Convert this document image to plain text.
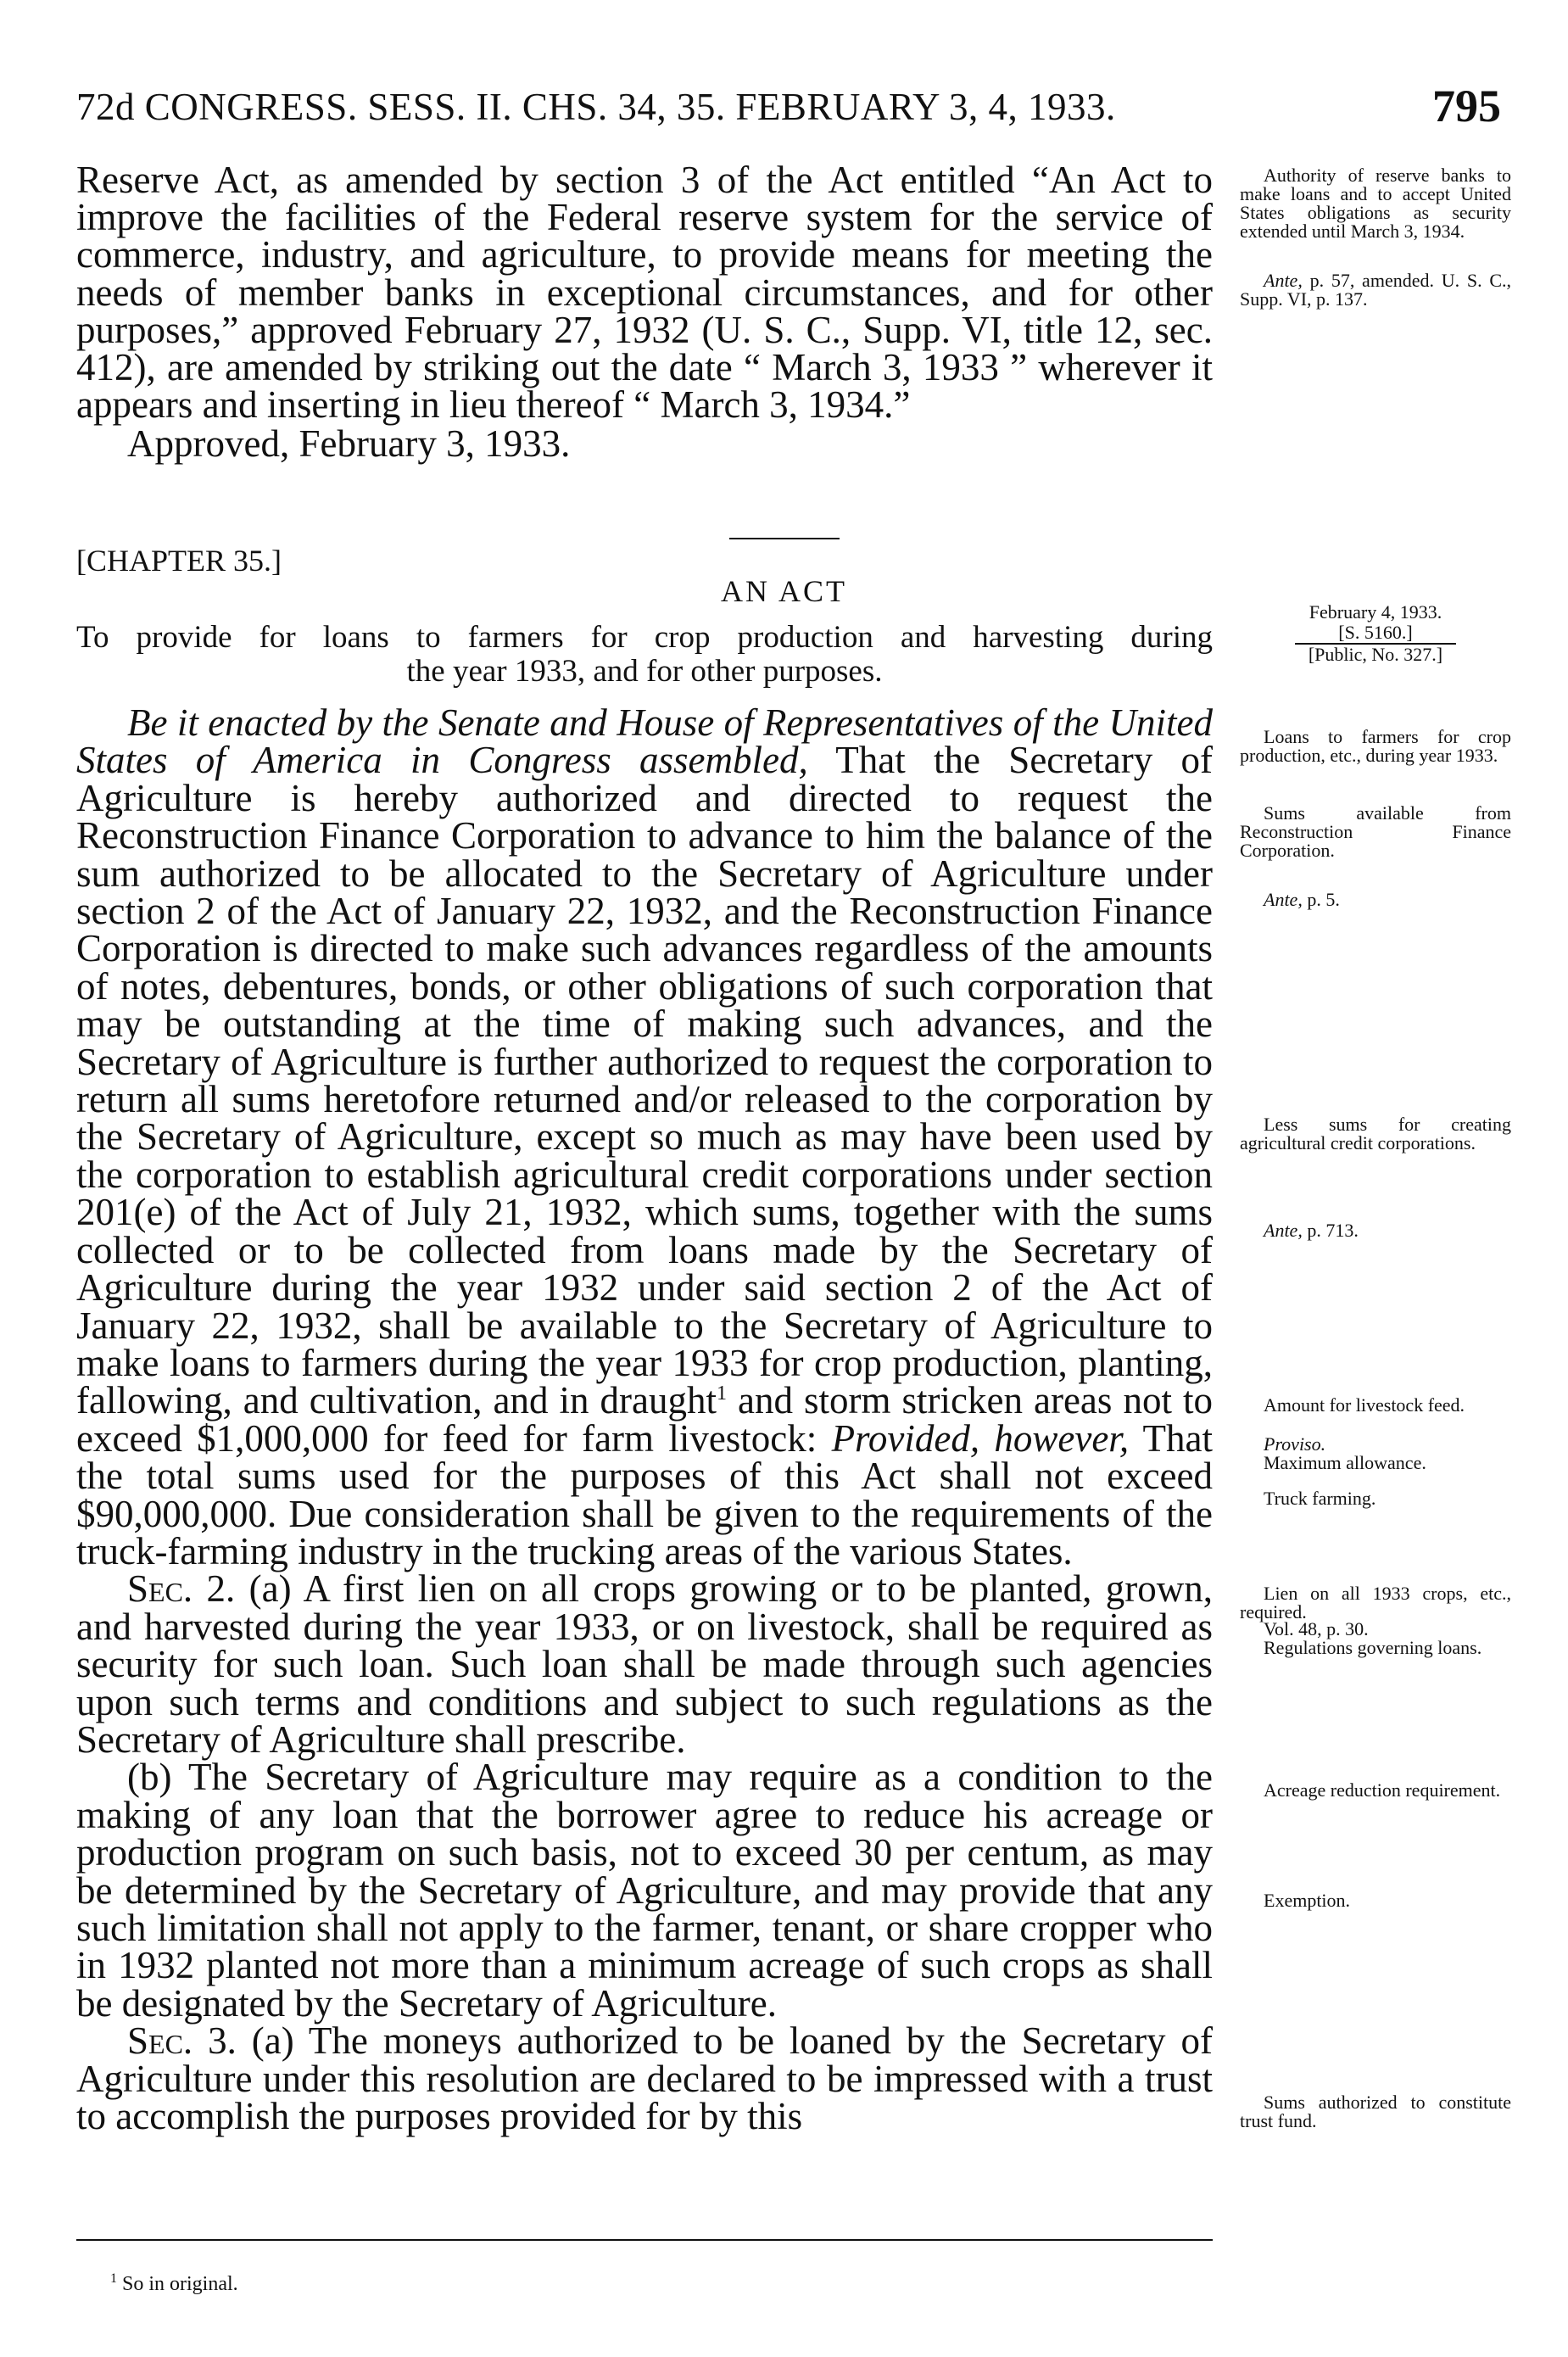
72d CONGRESS. SESS. II. CHS. 34, 35. FEBRUARY 3, 4, 1933.	795

Reserve Act, as amended by section 3 of the Act entitled “An Act to improve the facilities of the Federal reserve system for the service of commerce, industry, and agriculture, to provide means for meeting the needs of member banks in exceptional circumstances, and for other purposes,” approved February 27, 1932 (U. S. C., Supp. VI, title 12, sec. 412), are amended by striking out the date “ March 3, 1933 ” wherever it appears and inserting in lieu thereof “ March 3, 1934.”

Approved, February 3, 1933.

[CHAPTER 35.]
AN ACT

To provide for loans to farmers for crop production and harvesting during

the year 1933, and for other purposes.

February 4, 1933.
[S. 5160.]
[Public, No. 327.]

Be it enacted by the Senate and House of Representatives of the United States of America in Congress assembled, That the Secretary of Agriculture is hereby authorized and directed to request the Reconstruction Finance Corporation to advance to him the balance of the sum authorized to be allocated to the Secretary of Agriculture under section 2 of the Act of January 22, 1932, and the Reconstruction Finance Corporation is directed to make such advances regardless of the amounts of notes, debentures, bonds, or other obligations of such corporation that may be outstanding at the time of making such advances, and the Secretary of Agriculture is further authorized to request the corporation to return all sums heretofore returned and/or released to the corporation by the Secretary of Agriculture, except so much as may have been used by the corporation to establish agricultural credit corporations under section 201(e) of the Act of July 21, 1932, which sums, together with the sums collected or to be collected from loans made by the Secretary of Agriculture during the year 1932 under said section 2 of the Act of January 22, 1932, shall be available to the Secretary of Agriculture to make loans to farmers during the year 1933 for crop production, planting, fallowing, and cultivation, and in draught$^1$ and storm stricken areas not to exceed $1,000,000 for feed for farm livestock: Provided, however, That the total sums used for the purposes of this Act shall not exceed $90,000,000. Due consideration shall be given to the requirements of the truck-farming industry in the trucking areas of the various States.

Sec. 2. (a) A first lien on all crops growing or to be planted, grown, and harvested during the year 1933, or on livestock, shall be required as security for such loan. Such loan shall be made through such agencies upon such terms and conditions and subject to such regulations as the Secretary of Agriculture shall prescribe.

(b) The Secretary of Agriculture may require as a condition to the making of any loan that the borrower agree to reduce his acreage or production program on such basis, not to exceed 30 per centum, as may be determined by the Secretary of Agriculture, and may provide that any such limitation shall not apply to the farmer, tenant, or share cropper who in 1932 planted not more than a minimum acreage of such crops as shall be designated by the Secretary of Agriculture.

Sec. 3. (a) The moneys authorized to be loaned by the Secretary of Agriculture under this resolution are declared to be impressed with a trust to accomplish the purposes provided for by this

Authority of reserve banks to make loans and to accept United States obligations as security extended until March 3, 1934.

Ante, p. 57, amended. U. S. C., Supp. VI, p. 137.

Loans to farmers for crop production, etc., during year 1933.

Sums available from Reconstruction Finance Corporation.

Ante, p. 5.

Less sums for creating agricultural credit corporations.

Ante, p. 713.

Amount for livestock feed.

Proviso.

Maximum allowance.

Truck farming.

Lien on all 1933 crops, etc., required.

Vol. 48, p. 30.

Regulations governing loans.

Acreage reduction requirement.

Exemption.

Sums authorized to constitute trust fund.

$^1$ So in original.
